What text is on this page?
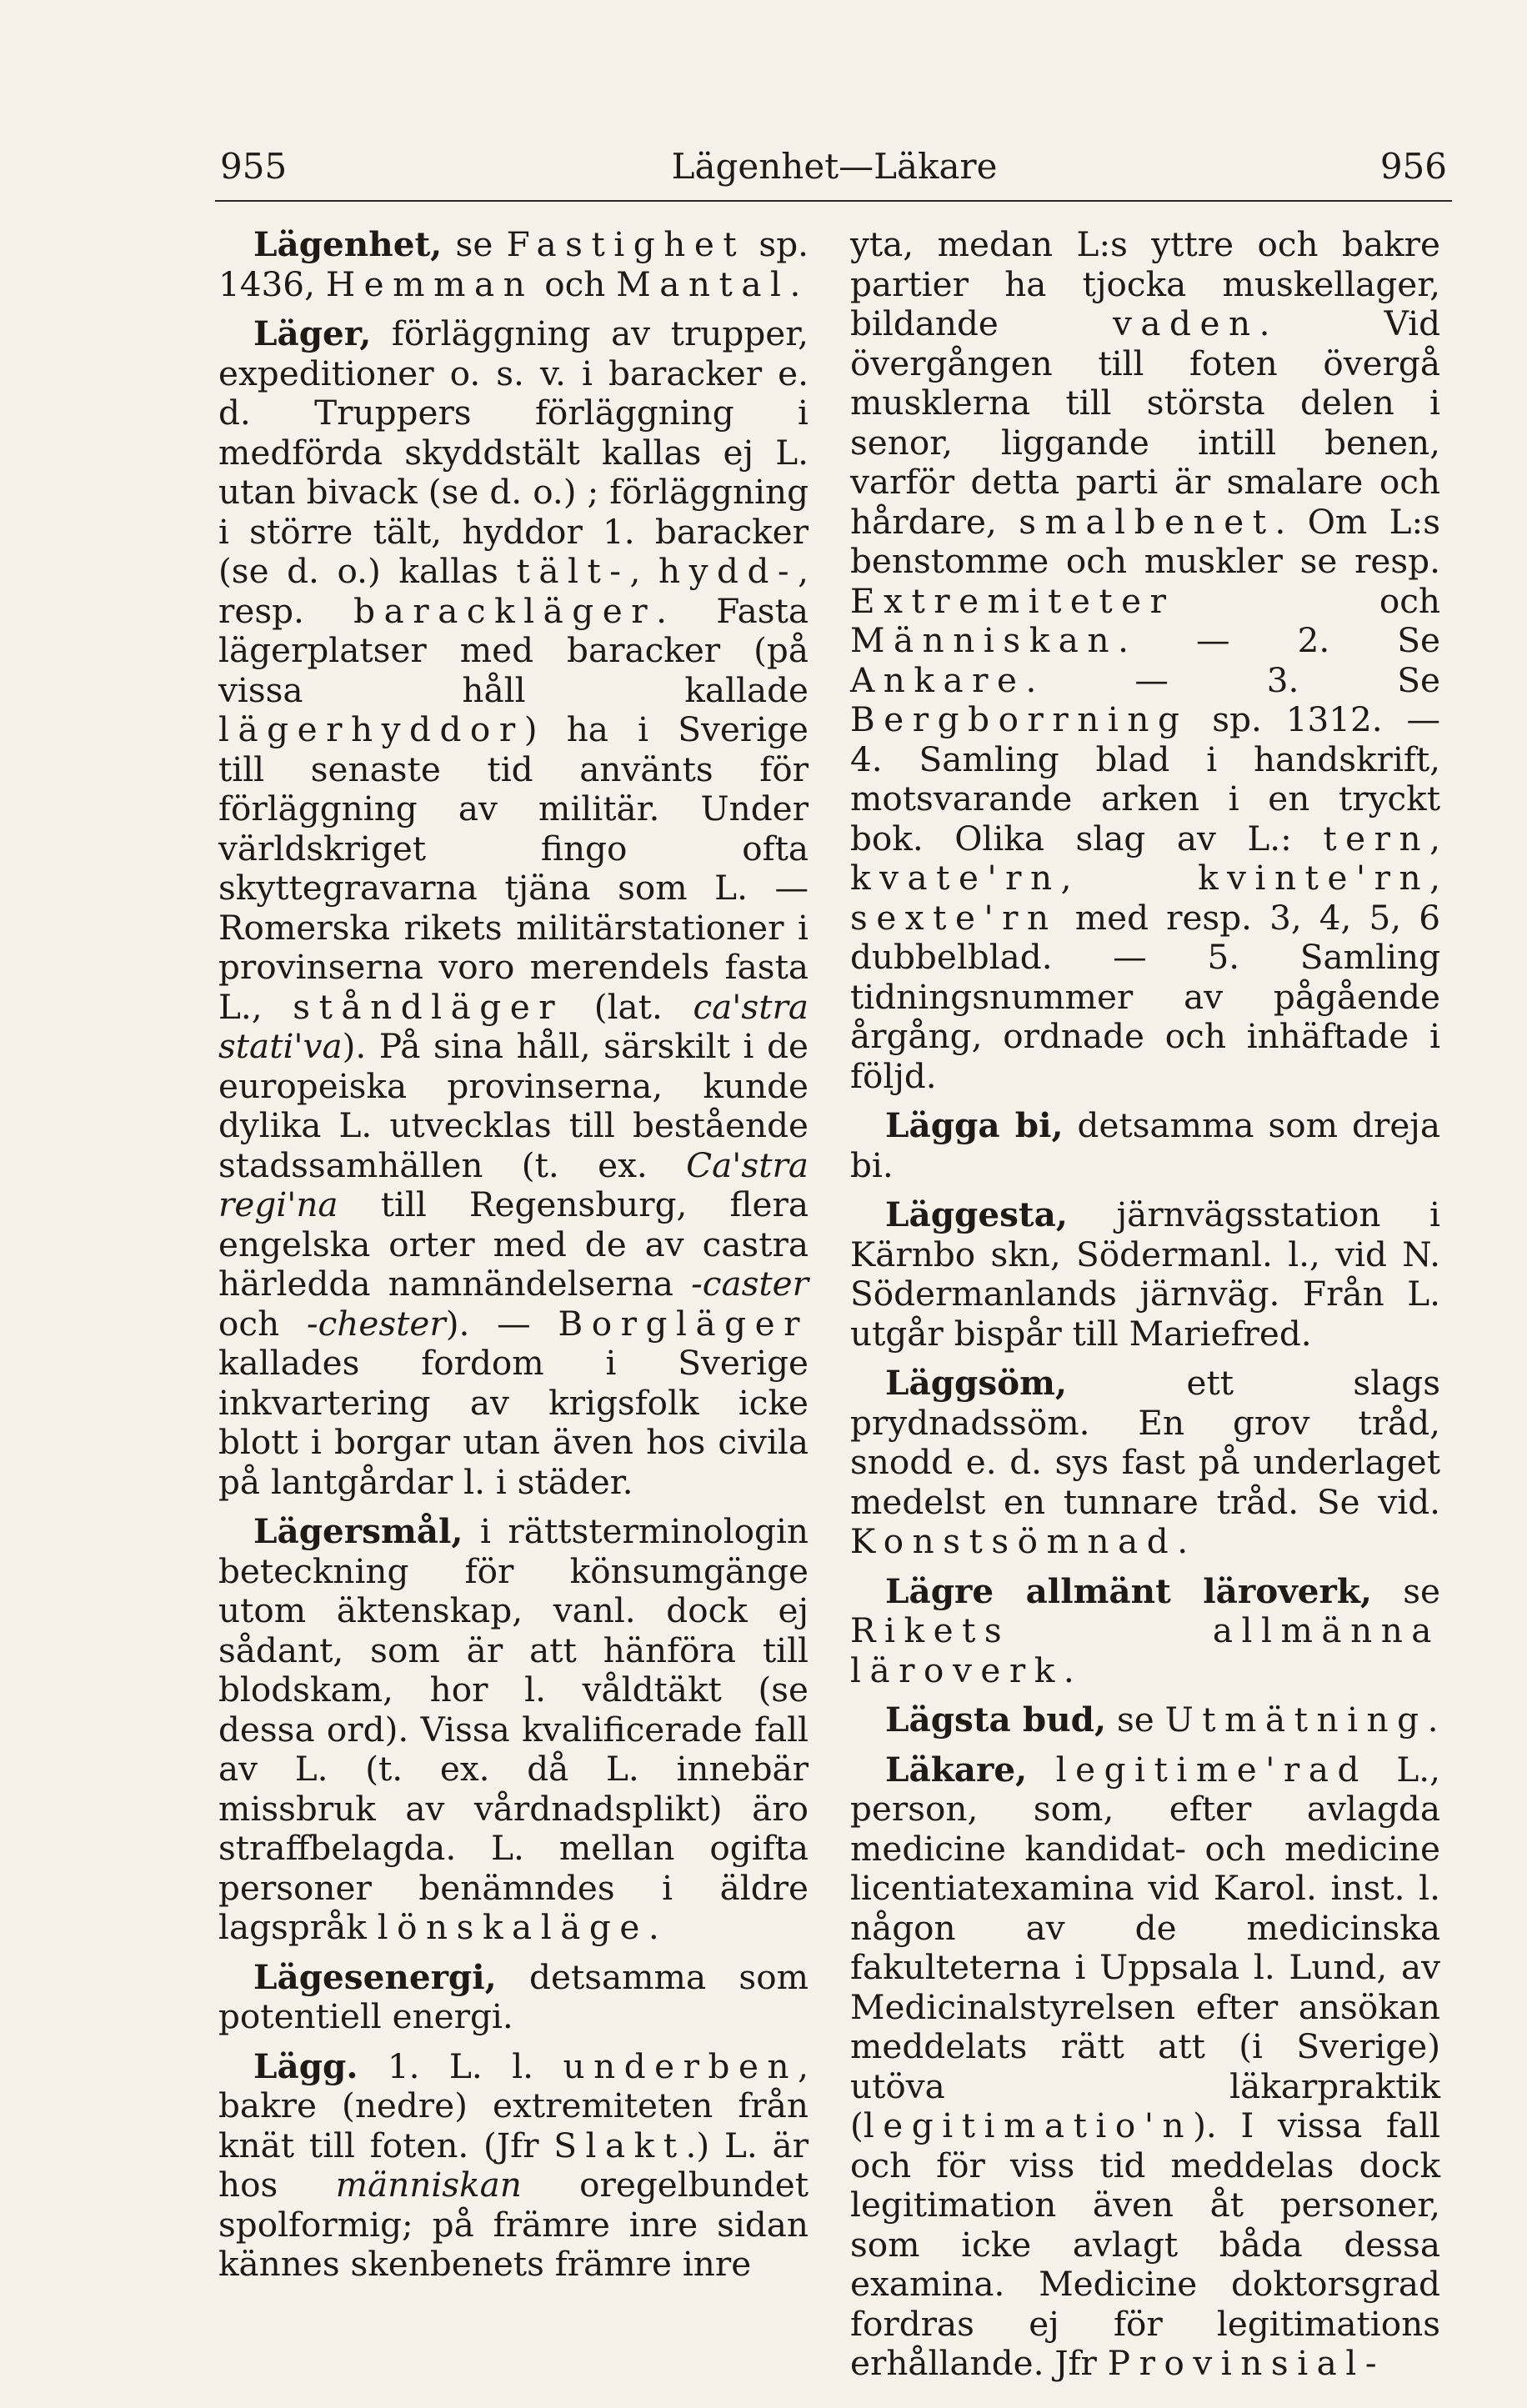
955	Lägenhet—Läkare	956

Lägenhet, se Fastighet sp. 1436, Hemman och Mantal.

Läger, förläggning av trupper, expeditioner o. s. v. i baracker e. d. Truppers förläggning i medförda skyddstält kallas ej L. utan bivack (se d. o.) ; förläggning i större tält, hyddor 1. baracker (se d. o.) kallas tält-, hydd-, resp. barackläger. Fasta lägerplatser med baracker (på vissa håll kallade lägerhyddor) ha i Sverige till senaste tid använts för förläggning av militär. Under världskriget fingo ofta skyttegravarna tjäna som L. — Romerska rikets militärstationer i provinserna voro merendels fasta L., ståndläger (lat. ca'stra stati'va). På sina håll, särskilt i de europeiska provinserna, kunde dylika L. utvecklas till bestående stadssamhällen (t. ex. Ca'stra regi'na till Regensburg, flera engelska orter med de av castra härledda namnändelserna -caster och -chester). — Borgläger kallades fordom i Sverige inkvartering av krigsfolk icke blott i borgar utan även hos civila på lantgårdar l. i städer.

Lägersmål, i rättsterminologin beteckning för könsumgänge utom äktenskap, vanl. dock ej sådant, som är att hänföra till blodskam, hor l. våldtäkt (se dessa ord). Vissa kvalificerade fall av L. (t. ex. då L. innebär missbruk av vårdnadsplikt) äro straffbelagda. L. mellan ogifta personer benämndes i äldre lagspråk lönskaläge.

Lägesenergi, detsamma som potentiell energi.

Lägg. 1. L. l. underben, bakre (nedre) extremiteten från knät till foten. (Jfr Slakt.) L. är hos människan oregelbundet spolformig; på främre inre sidan kännes skenbenets främre inre

yta, medan L:s yttre och bakre partier ha tjocka muskellager, bildande vaden. Vid övergången till foten övergå musklerna till största delen i senor, liggande intill benen, varför detta parti är smalare och hårdare, smalbenet. Om L:s benstomme och muskler se resp. Extremiteter och Människan. — 2. Se Ankare. — 3. Se Bergborrning sp. 1312. — 4. Samling blad i handskrift, motsvarande arken i en tryckt bok. Olika slag av L.: tern, kvate'rn, kvinte'rn, sexte'rn med resp. 3, 4, 5, 6 dubbelblad. — 5. Samling tidningsnummer av pågående årgång, ordnade och inhäftade i följd.

Lägga bi, detsamma som dreja bi.

Läggesta, järnvägsstation i Kärnbo skn, Södermanl. l., vid N. Södermanlands järnväg. Från L. utgår bispår till Mariefred.

Läggsöm, ett slags prydnadssöm. En grov tråd, snodd e. d. sys fast på underlaget medelst en tunnare tråd. Se vid. Konstsömnad.

Lägre allmänt läroverk, se Rikets allmänna läroverk.

Lägsta bud, se Utmätning.

Läkare, legitime'rad L., person, som, efter avlagda medicine kandidat- och medicine licentiatexamina vid Karol. inst. l. någon av de medicinska fakulteterna i Uppsala l. Lund, av Medicinalstyrelsen efter ansökan meddelats rätt att (i Sverige) utöva läkarpraktik (legitimatio'n). I vissa fall och för viss tid meddelas dock legitimation även åt personer, som icke avlagt båda dessa examina. Medicine doktorsgrad fordras ej för legitimations erhållande. Jfr Provinsial-
